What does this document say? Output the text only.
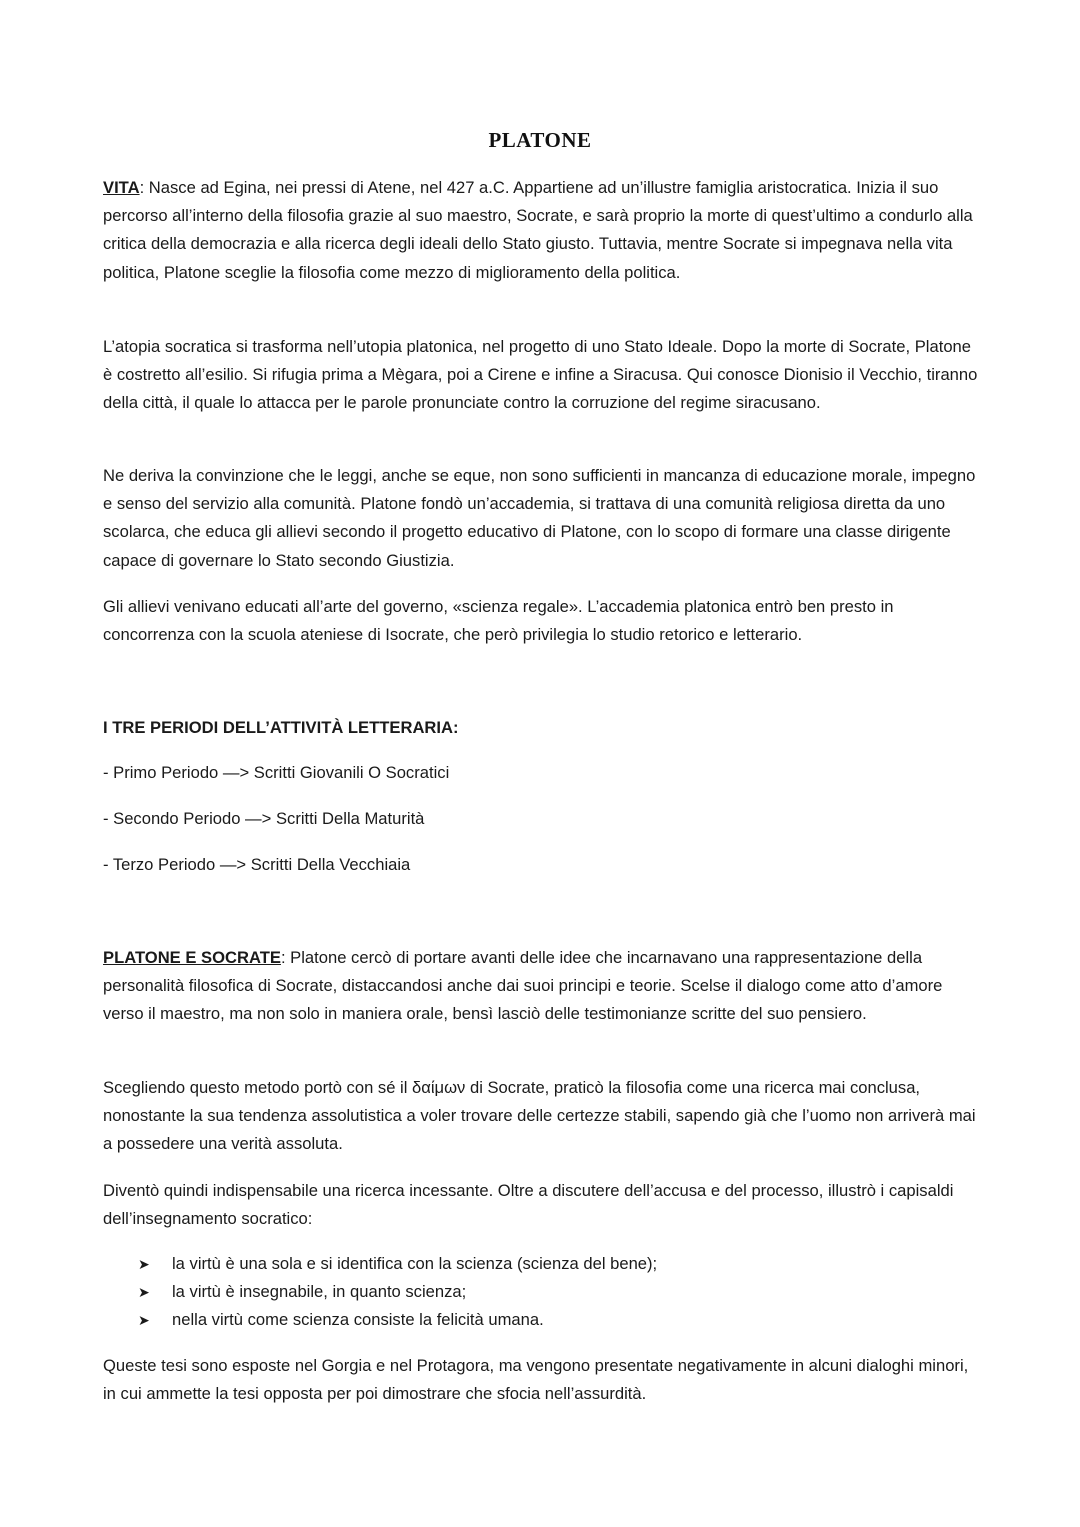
PLATONE

VITA: Nasce ad Egina, nei pressi di Atene, nel 427 a.C. Appartiene ad un’illustre famiglia aristocratica. Inizia il suo percorso all’interno della filosofia grazie al suo maestro, Socrate, e sarà proprio la morte di quest’ultimo a condurlo alla critica della democrazia e alla ricerca degli ideali dello Stato giusto. Tuttavia, mentre Socrate si impegnava nella vita politica, Platone sceglie la filosofia come mezzo di miglioramento della politica.

L’atopia socratica si trasforma nell’utopia platonica, nel progetto di uno Stato Ideale. Dopo la morte di Socrate, Platone è costretto all’esilio. Si rifugia prima a Mègara, poi a Cirene e infine a Siracusa. Qui conosce Dionisio il Vecchio, tiranno della città, il quale lo attacca per le parole pronunciate contro la corruzione del regime siracusano.
Ne deriva la convinzione che le leggi, anche se eque, non sono sufficienti in mancanza di educazione morale, impegno e senso del servizio alla comunità. Platone fondò un’accademia, si trattava di una comunità religiosa diretta da uno scolarca, che educa gli allievi secondo il progetto educativo di Platone, con lo scopo di formare una classe dirigente capace di governare lo Stato secondo Giustizia.
Gli allievi venivano educati all’arte del governo, «scienza regale». L’accademia platonica entrò ben presto in concorrenza con la scuola ateniese di Isocrate, che però privilegia lo studio retorico e letterario.
I TRE PERIODI DELL’ATTIVITÀ LETTERARIA:
- Primo Periodo —> Scritti Giovanili O Socratici
- Secondo Periodo —> Scritti Della Maturità
- Terzo Periodo —> Scritti Della Vecchiaia

PLATONE E SOCRATE: Platone cercò di portare avanti delle idee che incarnavano una rappresentazione della personalità filosofica di Socrate, distaccandosi anche dai suoi principi e teorie. Scelse il dialogo come atto d’amore verso il maestro, ma non solo in maniera orale, bensì lasciò delle testimonianze scritte del suo pensiero.

Scegliendo questo metodo portò con sé il δαίμων di Socrate, praticò la filosofia come una ricerca mai conclusa, nonostante la sua tendenza assolutistica a voler trovare delle certezze stabili, sapendo già che l’uomo non arriverà mai a possedere una verità assoluta.
Diventò quindi indispensabile una ricerca incessante. Oltre a discutere dell’accusa e del processo, illustrò i capisaldi dell’insegnamento socratico:
➤ la virtù è una sola e si identifica con la scienza (scienza del bene);
➤ la virtù è insegnabile, in quanto scienza;
➤ nella virtù come scienza consiste la felicità umana.
Queste tesi sono esposte nel Gorgia e nel Protagora, ma vengono presentate negativamente in alcuni dialoghi minori, in cui ammette la tesi opposta per poi dimostrare che sfocia nell’assurdità.
